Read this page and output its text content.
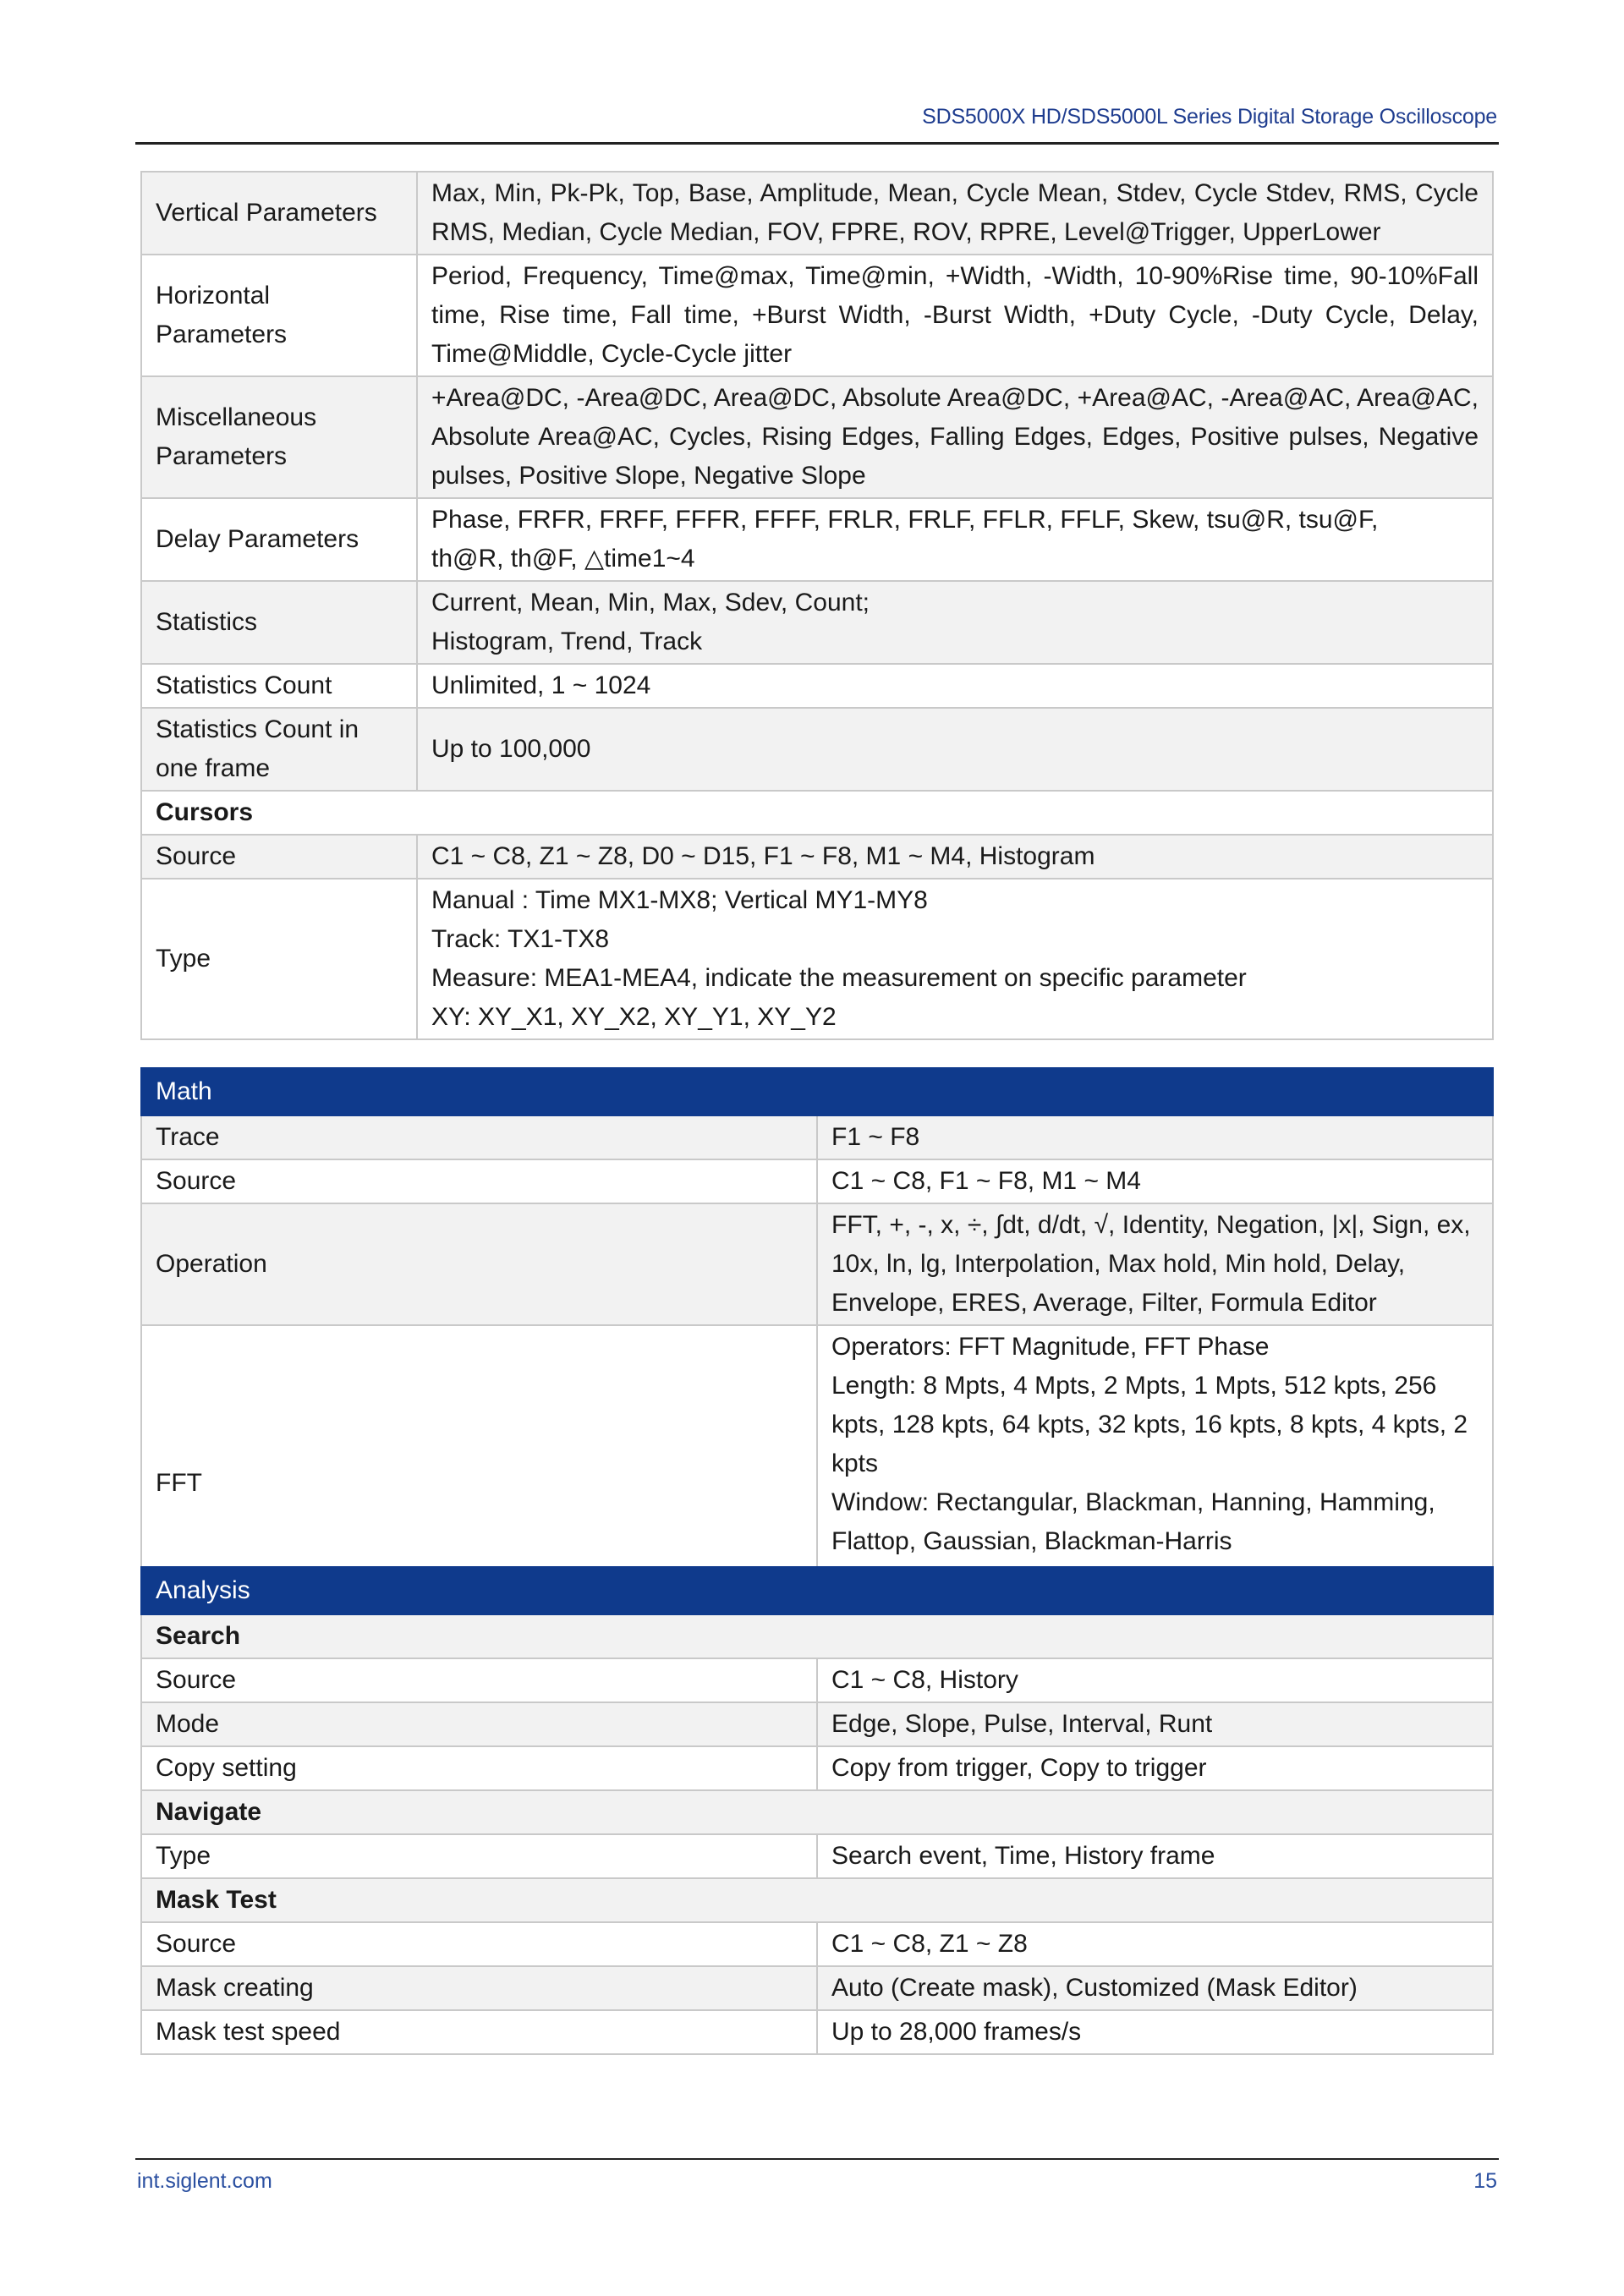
SDS5000X HD/SDS5000L Series Digital Storage Oscilloscope
Vertical Parameters	Max, Min, Pk-Pk, Top, Base, Amplitude, Mean, Cycle Mean, Stdev, Cycle Stdev, RMS, Cycle RMS, Median, Cycle Median, FOV, FPRE, ROV, RPRE, Level@Trigger, UpperLower
Horizontal Parameters	Period, Frequency, Time@max, Time@min, +Width, -Width, 10-90%Rise time, 90-10%Fall time, Rise time, Fall time, +Burst Width, -Burst Width, +Duty Cycle, -Duty Cycle, Delay, Time@Middle, Cycle-Cycle jitter
Miscellaneous Parameters	+Area@DC, -Area@DC, Area@DC, Absolute Area@DC, +Area@AC, -Area@AC, Area@AC, Absolute Area@AC, Cycles, Rising Edges, Falling Edges, Edges, Positive pulses, Negative pulses, Positive Slope, Negative Slope
Delay Parameters	Phase, FRFR, FRFF, FFFR, FFFF, FRLR, FRLF, FFLR, FFLF, Skew, tsu@R, tsu@F, th@R, th@F, △time1~4
Statistics	Current, Mean, Min, Max, Sdev, Count;
Histogram, Trend, Track

Statistics Count	Unlimited, 1 ~ 1024

Statistics Count in
one frame	Up to 100,000
Cursors	
Source	C1 ~ C8, Z1 ~ Z8, D0 ~ D15, F1 ~ F8, M1 ~ M4, Histogram
Type	Manual : Time MX1-MX8; Vertical MY1-MY8
Track: TX1-TX8
Measure: MEA1-MEA4, indicate the measurement on specific parameter
XY: XY_X1, XY_X2, XY_Y1, XY_Y2
Math	
Trace	F1 ~ F8
Source	C1 ~ C8, F1 ~ F8, M1 ~ M4
Operation	FFT, +, -, x, ÷, ∫dt, d/dt, √, Identity, Negation, |x|, Sign, ex, 10x, ln, lg, Interpolation, Max hold, Min hold, Delay, Envelope, ERES, Average, Filter, Formula Editor
FFT	Operators: FFT Magnitude, FFT Phase
Length: 8 Mpts, 4 Mpts, 2 Mpts, 1 Mpts, 512 kpts, 256 kpts, 128 kpts, 64 kpts, 32 kpts, 16 kpts, 8 kpts, 4 kpts, 2 kpts
Window: Rectangular, Blackman, Hanning, Hamming, Flattop, Gaussian, Blackman-Harris
Analysis	
Search	
Source	C1 ~ C8, History
Mode	Edge, Slope, Pulse, Interval, Runt
Copy setting	Copy from trigger, Copy to trigger
Navigate	
Type	Search event, Time, History frame
Mask Test	
Source	C1 ~ C8, Z1 ~ Z8
Mask creating	Auto (Create mask), Customized (Mask Editor)
Mask test speed	Up to 28,000 frames/s
int.siglent.com	15
